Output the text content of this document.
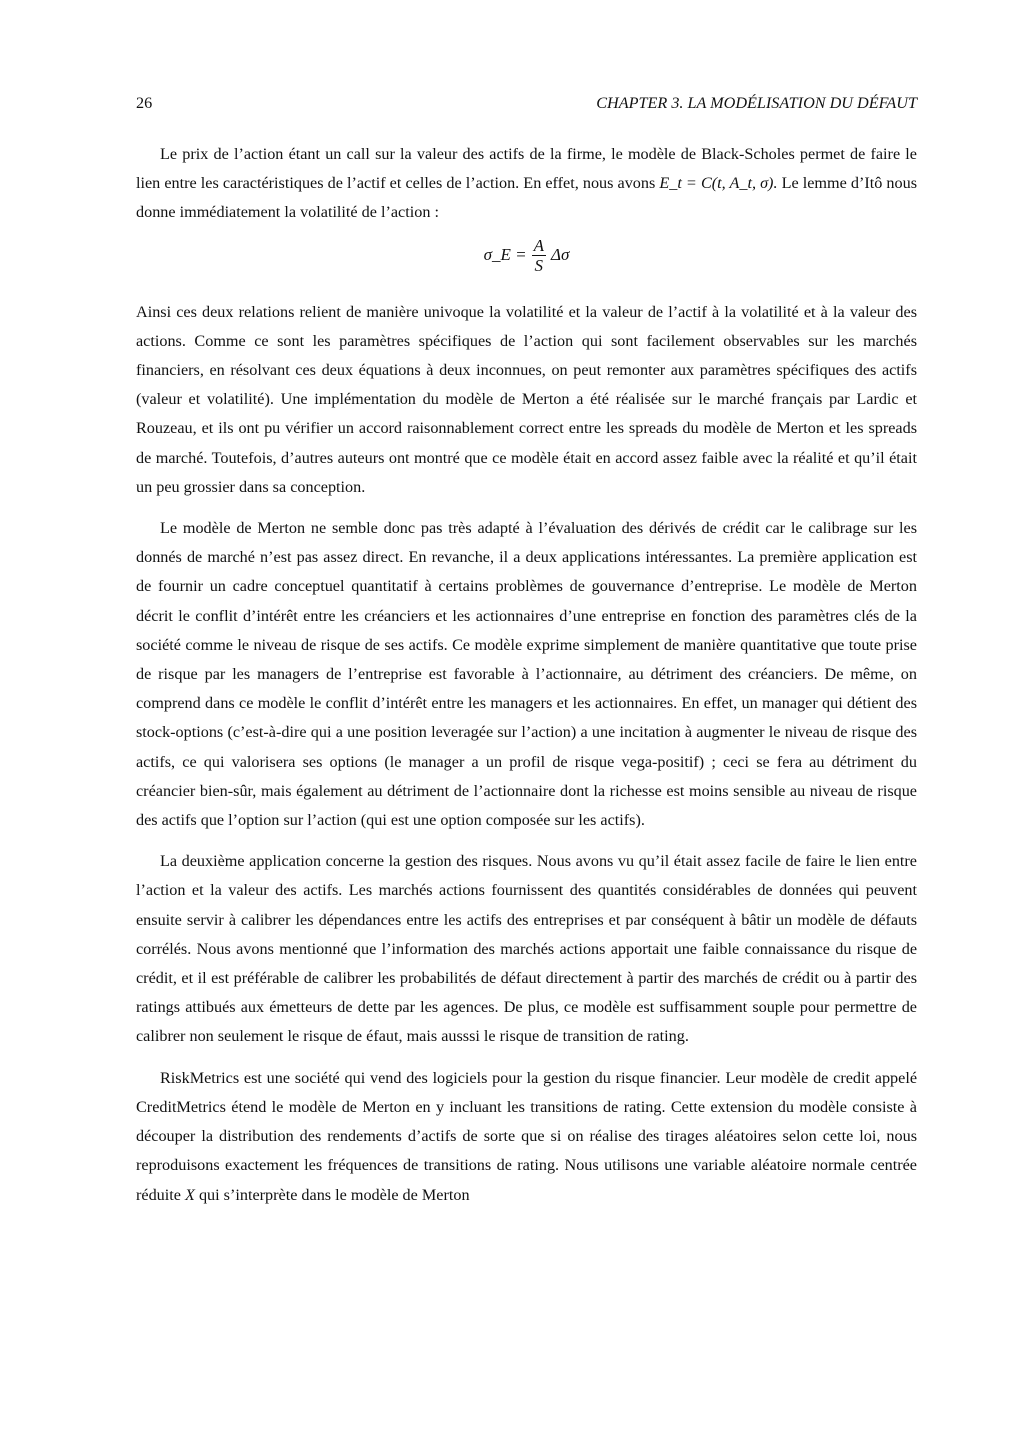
26	CHAPTER 3. LA MODÉLISATION DU DÉFAUT

Le prix de l’action étant un call sur la valeur des actifs de la firme, le modèle de Black-Scholes permet de faire le lien entre les caractéristiques de l’actif et celles de l’action. En effet, nous avons E_t = C(t, A_t, σ). Le lemme d’Itô nous donne immédiatement la volatilité de l’action :

σ_E = $\frac{A}{S}$ Δσ

Ainsi ces deux relations relient de manière univoque la volatilité et la valeur de l’actif à la volatilité et à la valeur des actions. Comme ce sont les paramètres spécifiques de l’action qui sont facilement observables sur les marchés financiers, en résolvant ces deux équations à deux inconnues, on peut remonter aux paramètres spécifiques des actifs (valeur et volatilité). Une implémentation du modèle de Merton a été réalisée sur le marché français par Lardic et Rouzeau, et ils ont pu vérifier un accord raisonnablement correct entre les spreads du modèle de Merton et les spreads de marché. Toutefois, d’autres auteurs ont montré que ce modèle était en accord assez faible avec la réalité et qu’il était un peu grossier dans sa conception.

Le modèle de Merton ne semble donc pas très adapté à l’évaluation des dérivés de crédit car le calibrage sur les donnés de marché n’est pas assez direct. En revanche, il a deux applications intéressantes. La première application est de fournir un cadre conceptuel quantitatif à certains problèmes de gouvernance d’entreprise. Le modèle de Merton décrit le conflit d’intérêt entre les créanciers et les actionnaires d’une entreprise en fonction des paramètres clés de la société comme le niveau de risque de ses actifs. Ce modèle exprime simplement de manière quantitative que toute prise de risque par les managers de l’entreprise est favorable à l’actionnaire, au détriment des créanciers. De même, on comprend dans ce modèle le conflit d’intérêt entre les managers et les actionnaires. En effet, un manager qui détient des stock-options (c’est-à-dire qui a une position leveragée sur l’action) a une incitation à augmenter le niveau de risque des actifs, ce qui valorisera ses options (le manager a un profil de risque vega-positif) ; ceci se fera au détriment du créancier bien-sûr, mais également au détriment de l’actionnaire dont la richesse est moins sensible au niveau de risque des actifs que l’option sur l’action (qui est une option composée sur les actifs).

La deuxième application concerne la gestion des risques. Nous avons vu qu’il était assez facile de faire le lien entre l’action et la valeur des actifs. Les marchés actions fournissent des quantités considérables de données qui peuvent ensuite servir à calibrer les dépendances entre les actifs des entreprises et par conséquent à bâtir un modèle de défauts corrélés. Nous avons mentionné que l’information des marchés actions apportait une faible connaissance du risque de crédit, et il est préférable de calibrer les probabilités de défaut directement à partir des marchés de crédit ou à partir des ratings attibués aux émetteurs de dette par les agences. De plus, ce modèle est suffisamment souple pour permettre de calibrer non seulement le risque de éfaut, mais ausssi le risque de transition de rating.

RiskMetrics est une société qui vend des logiciels pour la gestion du risque financier. Leur modèle de credit appelé CreditMetrics étend le modèle de Merton en y incluant les transitions de rating. Cette extension du modèle consiste à découper la distribution des rendements d’actifs de sorte que si on réalise des tirages aléatoires selon cette loi, nous reproduisons exactement les fréquences de transitions de rating. Nous utilisons une variable aléatoire normale centrée réduite X qui s’interprète dans le modèle de Merton
